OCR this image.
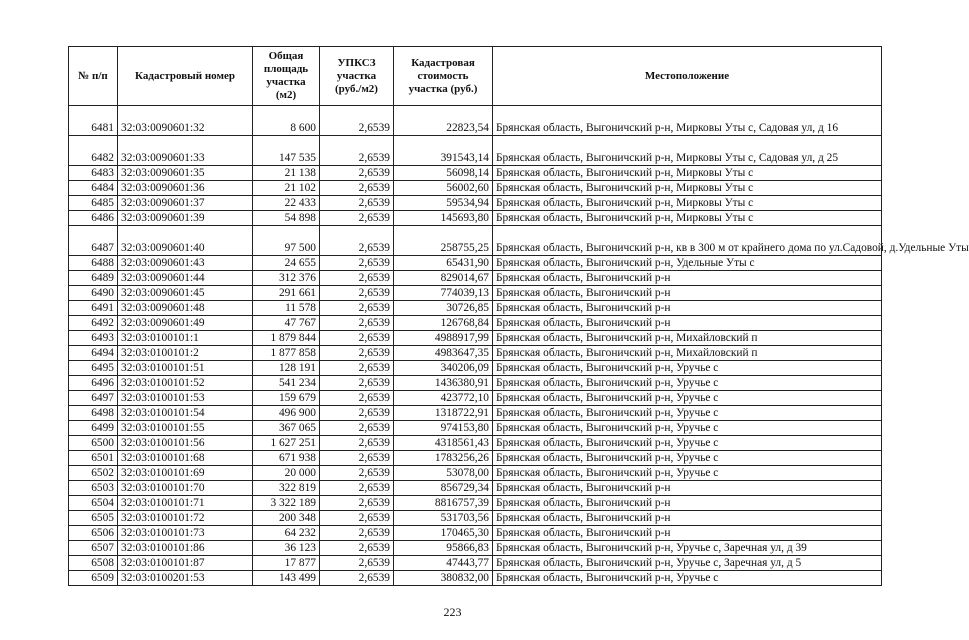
№ п/п	Кадастровый номер	Общая площадь участка (м2)	УПКСЗ участка (руб./м2)	Кадастровая стоимость участка (руб.)	Местоположение
6481	32:03:0090601:32	8 600	2,6539	22823,54	Брянская область, Выгоничский р-н, Мирковы Уты с, Садовая ул, д 16
6482	32:03:0090601:33	147 535	2,6539	391543,14	Брянская область, Выгоничский р-н, Мирковы Уты с, Садовая ул, д 25
6483	32:03:0090601:35	21 138	2,6539	56098,14	Брянская область, Выгоничский р-н, Мирковы Уты с
6484	32:03:0090601:36	21 102	2,6539	56002,60	Брянская область, Выгоничский р-н, Мирковы Уты с
6485	32:03:0090601:37	22 433	2,6539	59534,94	Брянская область, Выгоничский р-н, Мирковы Уты с
6486	32:03:0090601:39	54 898	2,6539	145693,80	Брянская область, Выгоничский р-н, Мирковы Уты с
6487	32:03:0090601:40	97 500	2,6539	258755,25	Брянская область, Выгоничский р-н, кв в 300 м от крайнего дома по ул.Садовой, д.Удельные Уты
6488	32:03:0090601:43	24 655	2,6539	65431,90	Брянская область, Выгоничский р-н, Удельные Уты с
6489	32:03:0090601:44	312 376	2,6539	829014,67	Брянская область, Выгоничский р-н
6490	32:03:0090601:45	291 661	2,6539	774039,13	Брянская область, Выгоничский р-н
6491	32:03:0090601:48	11 578	2,6539	30726,85	Брянская область, Выгоничский р-н
6492	32:03:0090601:49	47 767	2,6539	126768,84	Брянская область, Выгоничский р-н
6493	32:03:0100101:1	1 879 844	2,6539	4988917,99	Брянская область, Выгоничский р-н, Михайловский п
6494	32:03:0100101:2	1 877 858	2,6539	4983647,35	Брянская область, Выгоничский р-н, Михайловский п
6495	32:03:0100101:51	128 191	2,6539	340206,09	Брянская область, Выгоничский р-н, Уручье с
6496	32:03:0100101:52	541 234	2,6539	1436380,91	Брянская область, Выгоничский р-н, Уручье с
6497	32:03:0100101:53	159 679	2,6539	423772,10	Брянская область, Выгоничский р-н, Уручье с
6498	32:03:0100101:54	496 900	2,6539	1318722,91	Брянская область, Выгоничский р-н, Уручье с
6499	32:03:0100101:55	367 065	2,6539	974153,80	Брянская область, Выгоничский р-н, Уручье с
6500	32:03:0100101:56	1 627 251	2,6539	4318561,43	Брянская область, Выгоничский р-н, Уручье с
6501	32:03:0100101:68	671 938	2,6539	1783256,26	Брянская область, Выгоничский р-н, Уручье с
6502	32:03:0100101:69	20 000	2,6539	53078,00	Брянская область, Выгоничский р-н, Уручье с
6503	32:03:0100101:70	322 819	2,6539	856729,34	Брянская область, Выгоничский р-н
6504	32:03:0100101:71	3 322 189	2,6539	8816757,39	Брянская область, Выгоничский р-н
6505	32:03:0100101:72	200 348	2,6539	531703,56	Брянская область, Выгоничский р-н
6506	32:03:0100101:73	64 232	2,6539	170465,30	Брянская область, Выгоничский р-н
6507	32:03:0100101:86	36 123	2,6539	95866,83	Брянская область, Выгоничский р-н, Уручье с, Заречная ул, д 39
6508	32:03:0100101:87	17 877	2,6539	47443,77	Брянская область, Выгоничский р-н, Уручье с, Заречная ул, д 5
6509	32:03:0100201:53	143 499	2,6539	380832,00	Брянская область, Выгоничский р-н, Уручье с
223
